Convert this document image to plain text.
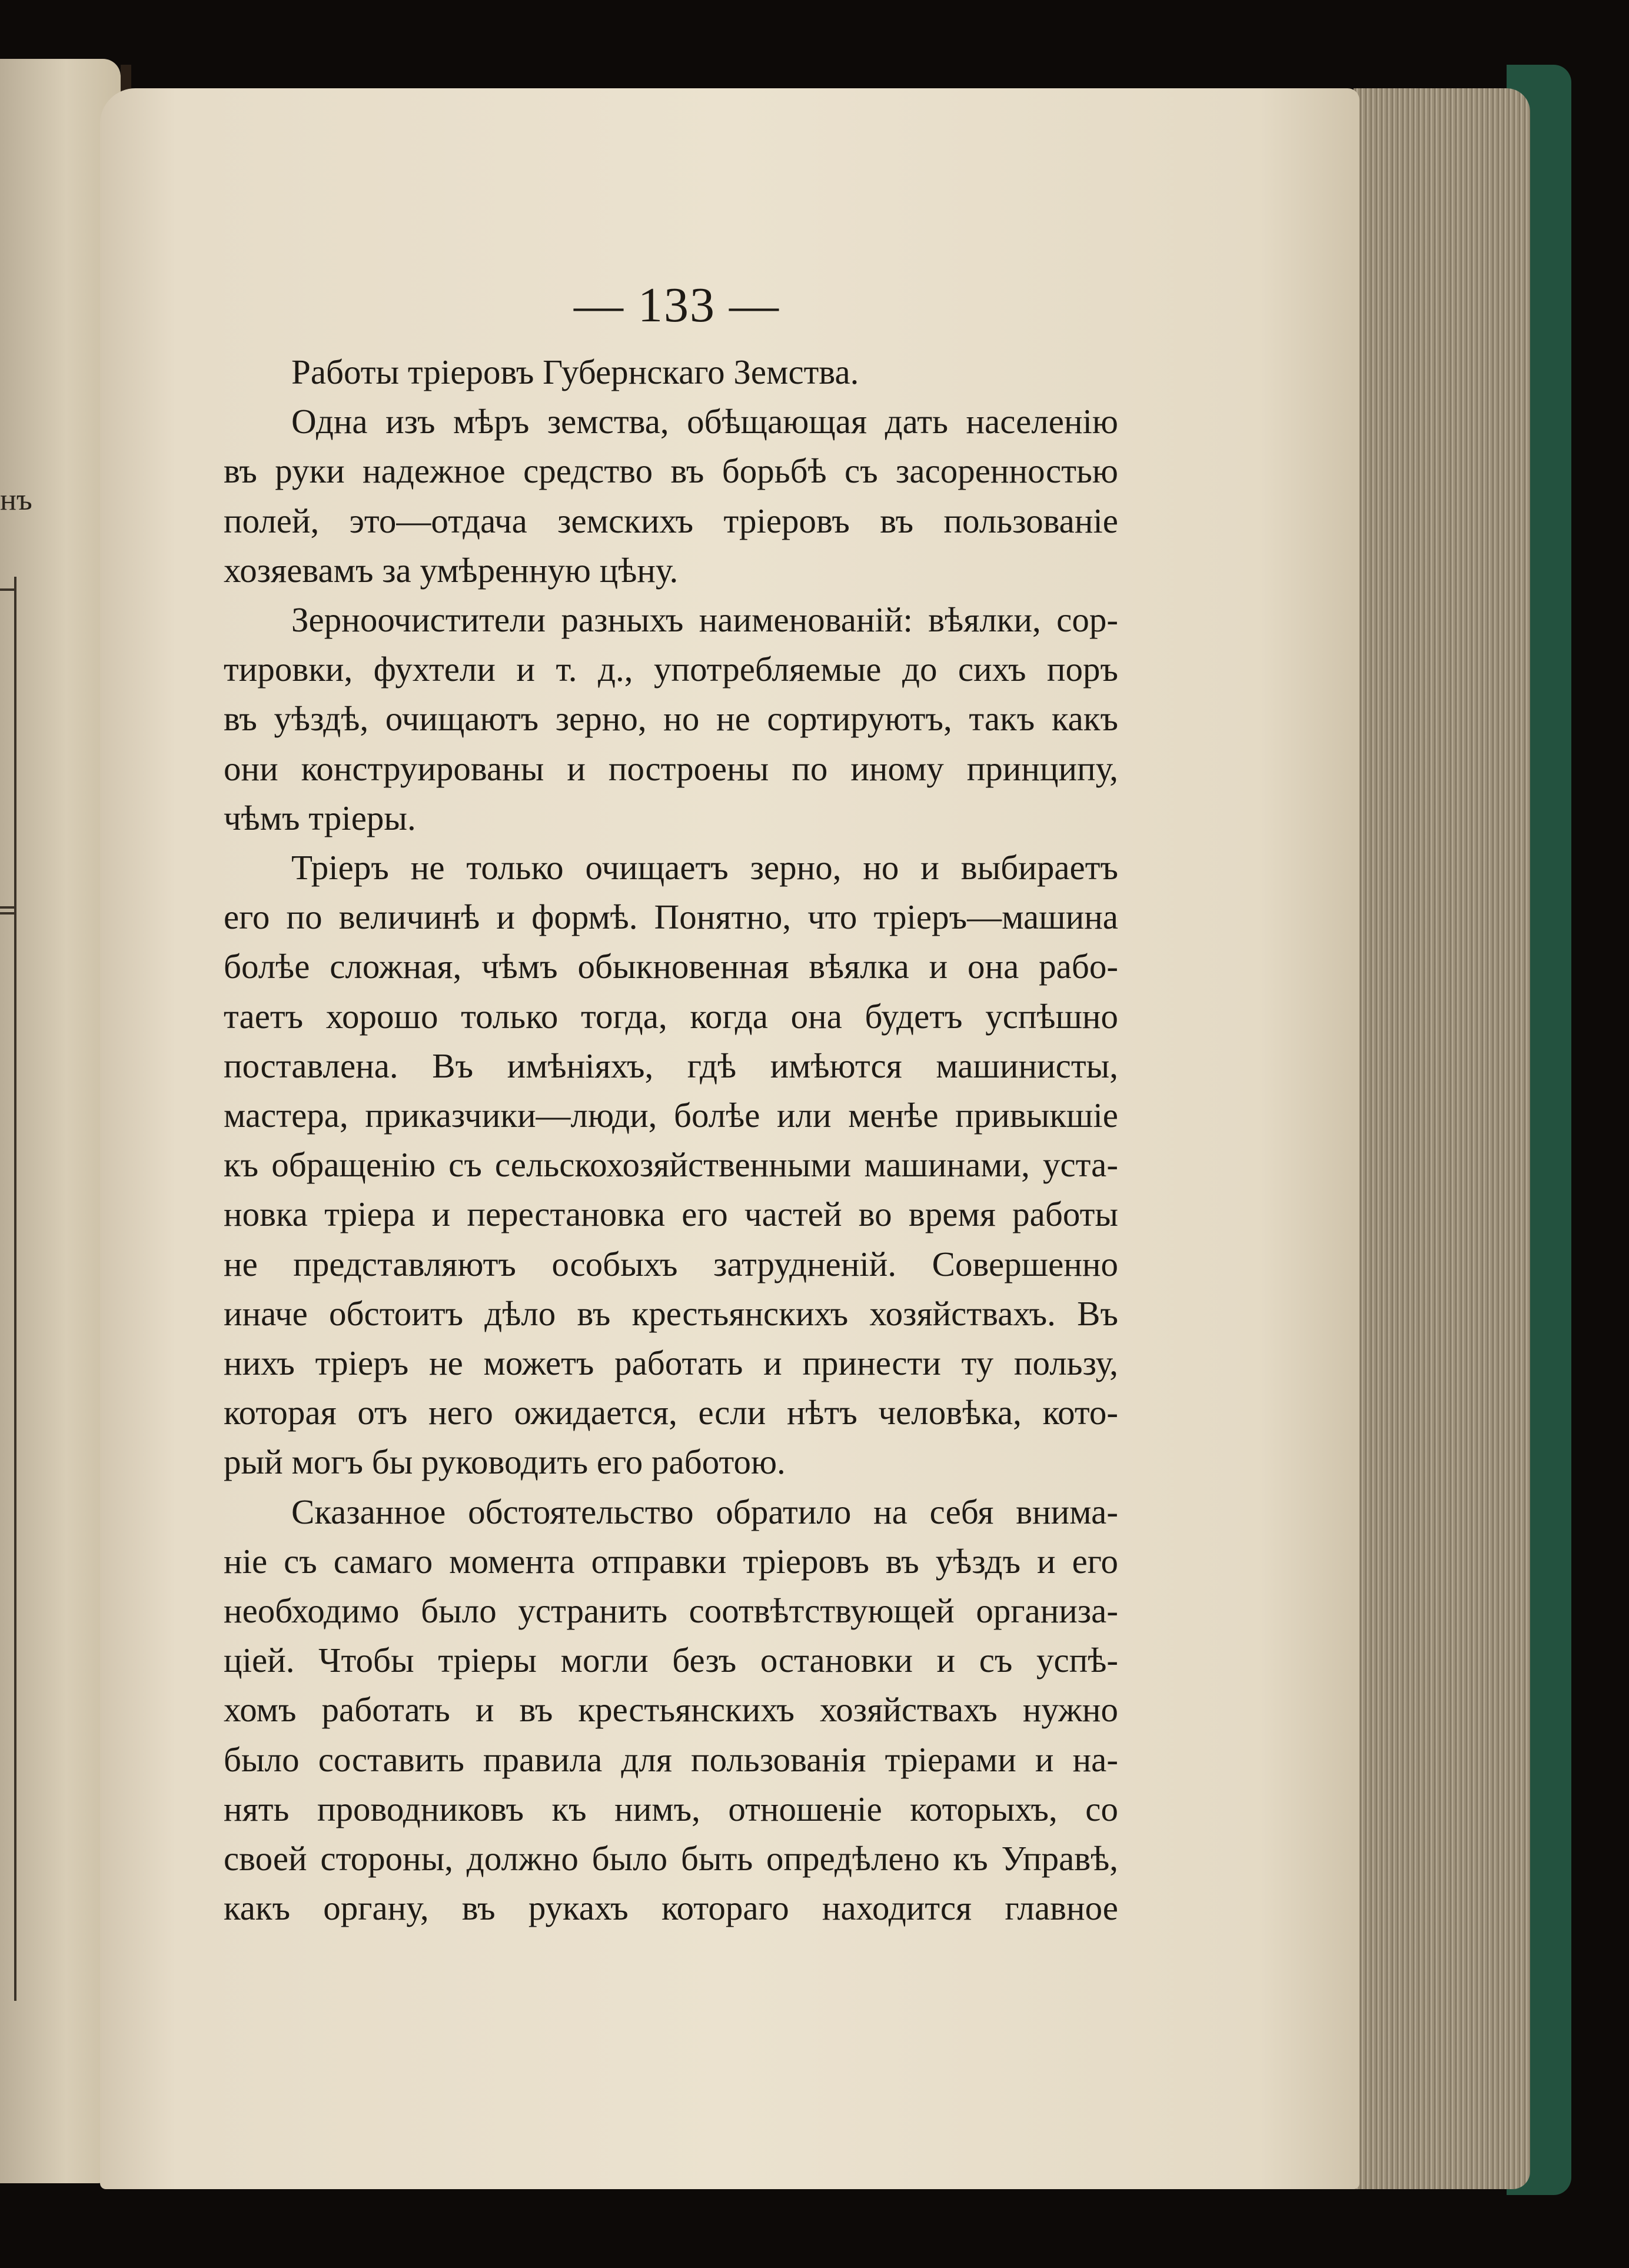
нъ
— 133 —

Работы тріеровъ Губернскаго Земства.

Одна изъ мѣръ земства, обѣщающая дать населенію

въ руки надежное средство въ борьбѣ съ засоренностью

полей, это—отдача земскихъ тріеровъ въ пользованіе

хозяевамъ за умѣренную цѣну.

Зерноочистители разныхъ наименованій: вѣялки, сор-

тировки, фухтели и т. д., употребляемые до сихъ поръ

въ уѣздѣ, очищаютъ зерно, но не сортируютъ, такъ какъ

они конструированы и построены по иному принципу,

чѣмъ тріеры.

Тріеръ не только очищаетъ зерно, но и выбираетъ

его по величинѣ и формѣ. Понятно, что тріеръ—машина

болѣе сложная, чѣмъ обыкновенная вѣялка и она рабо-

таетъ хорошо только тогда, когда она будетъ успѣшно

поставлена. Въ имѣніяхъ, гдѣ имѣются машинисты,

мастера, приказчики—люди, болѣе или менѣе привыкшіе

къ обращенію съ сельскохозяйственными машинами, уста-

новка тріера и перестановка его частей во время работы

не представляютъ особыхъ затрудненій. Совершенно

иначе обстоитъ дѣло въ крестьянскихъ хозяйствахъ. Въ

нихъ тріеръ не можетъ работать и принести ту пользу,

которая отъ него ожидается, если нѣтъ человѣка, кото-

рый могъ бы руководить его работою.

Сказанное обстоятельство обратило на себя внима-

ніе съ самаго момента отправки тріеровъ въ уѣздъ и его

необходимо было устранить соотвѣтствующей организа-

ціей. Чтобы тріеры могли безъ остановки и съ успѣ-

хомъ работать и въ крестьянскихъ хозяйствахъ нужно

было составить правила для пользованія тріерами и на-

нять проводниковъ къ нимъ, отношеніе которыхъ, со

своей стороны, должно было быть опредѣлено къ Управѣ,

какъ органу, въ рукахъ котораго находится главное
